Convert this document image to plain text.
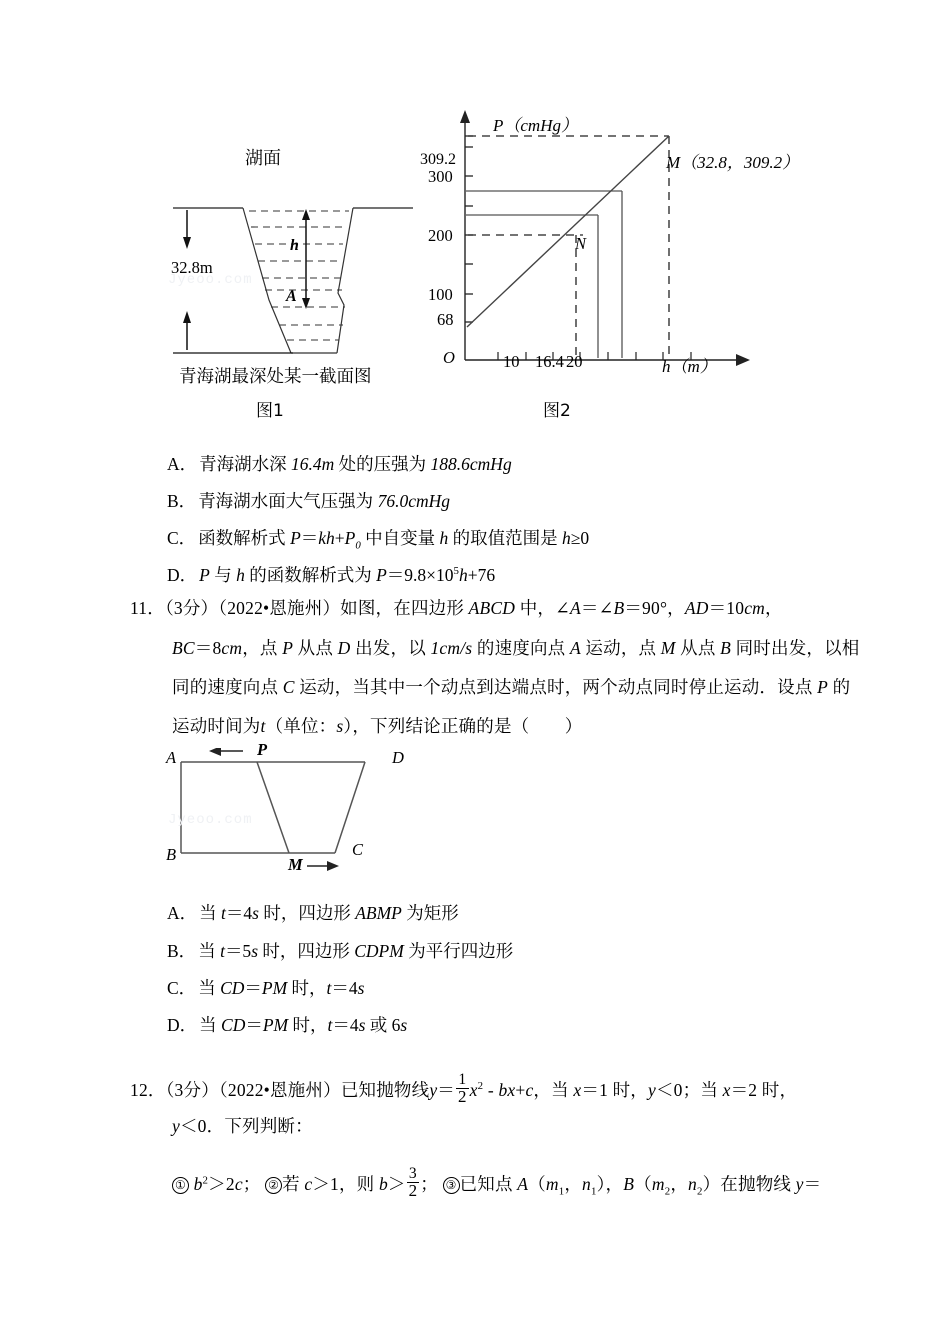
Jyeoo.com
湖面
32.8m
h
A
青海湖最深处某一截面图
图1
P（cmHg）
h（m）
O
309.2
300
200
100
68
10 16.4 20
M（32.8，309.2）
N
图2
A． 青海湖水深 16.4m 处的压强为 188.6cmHg
B． 青海湖水面大气压强为 76.0cmHg
C． 函数解析式 $P=kh+P_0$ 中自变量 h 的取值范围是 h≥0
D． P 与 h 的函数解析式为 $P=9.8\times 10^5h+76$
11．（3分）（2022•恩施州）如图，在四边形 ABCD 中，∠A＝∠B＝90°，AD＝10cm，
BC＝8cm，点 P 从点 D 出发，以 1cm/s 的速度向点 A 运动，点 M 从点 B 同时出发，以相
同的速度向点 C 运动，当其中一个动点到达端点时，两个动点同时停止运动．设点 P 的
运动时间为t（单位：s），下列结论正确的是（　　）
Jyeoo.com
A
B	C
D
P
M
A． 当 t＝4s 时，四边形 ABMP 为矩形
B． 当 t＝5s 时，四边形 CDPM 为平行四边形
C． 当 CD＝PM 时，t＝4s
D． 当 CD＝PM 时，t＝4s 或 6s
12．（3分）（2022•恩施州）已知抛物线$y= \frac{1}{2} x^2 - bx+c$，当 x＝1 时，y＜0；当 x＝2 时，
y＜0．下列判断：
① $b^2>2c$； ② 若 c＞1，则 $b> \frac{3}{2}$ ； ③ 已知点 $A(m_1$，$n_1$），$B(m_2$，$n_2$）在抛物线 y＝
